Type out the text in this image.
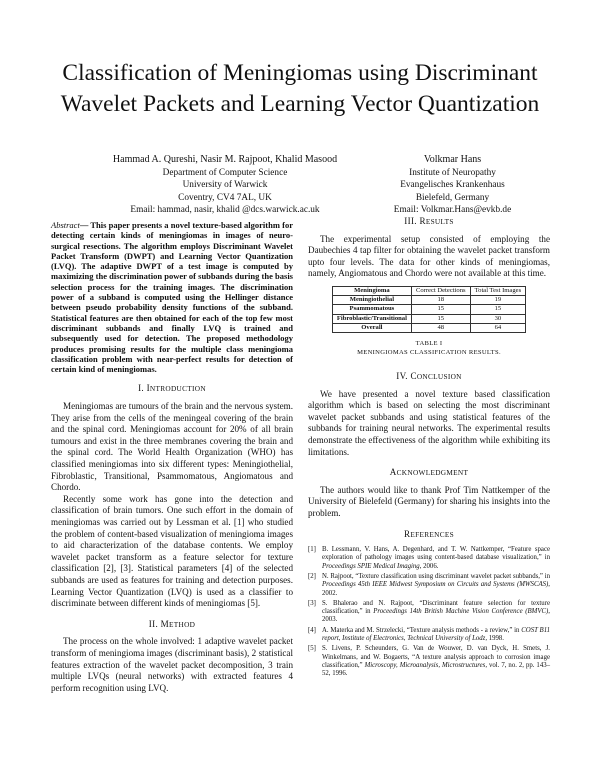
Classification of Meningiomas using Discriminant
Wavelet Packets and Learning Vector Quantization
Hammad A. Qureshi, Nasir M. Rajpoot, Khalid Masood
Department of Computer Science
University of Warwick
Coventry, CV4 7AL, UK
Email: hammad, nasir, khalid @dcs.warwick.ac.uk
Volkmar Hans
Institute of Neuropathy
Evangelisches Krankenhaus
Bielefeld, Germany
Email: Volkmar.Hans@evkb.de
Abstract— This paper presents a novel texture-based algorithm for detecting certain kinds of meningiomas in images of neuro-surgical resections. The algorithm employs Discriminant Wavelet Packet Transform (DWPT) and Learning Vector Quantization (LVQ). The adaptive DWPT of a test image is computed by maximizing the discrimination power of subbands during the basis selection process for the training images. The discrimination power of a subband is computed using the Hellinger distance between pseudo probability density functions of the subband. Statistical features are then obtained for each of the top few most discriminant subbands and finally LVQ is trained and subsequently used for detection. The proposed methodology produces promising results for the multiple class meningioma classification problem with near-perfect results for detection of certain kind of meningiomas.
I. INTRODUCTION

Meningiomas are tumours of the brain and the nervous system. They arise from the cells of the meningeal covering of the brain and the spinal cord. Meningiomas account for 20% of all brain tumours and exist in the three membranes covering the brain and the spinal cord. The World Health Organization (WHO) has classified meningiomas into six different types: Meningiothelial, Fibroblastic, Transitional, Psammomatous, Angiomatous and Chordo.

Recently some work has gone into the detection and classification of brain tumors. One such effort in the domain of meningiomas was carried out by Lessman et al. [1] who studied the problem of content-based visualization of meningioma images to aid characterization of the database contents. We employ wavelet packet transform as a feature selector for texture classification [2], [3]. Statistical parameters [4] of the selected subbands are used as features for training and detection purposes. Learning Vector Quantization (LVQ) is used as a classifier to discriminate between different kinds of meningiomas [5].

II. METHOD

The process on the whole involved: 1 adaptive wavelet packet transform of meningioma images (discriminant basis), 2 statistical features extraction of the wavelet packet decomposition, 3 train multiple LVQs (neural networks) with extracted features 4 perform recognition using LVQ.

III. RESULTS

The experimental setup consisted of employing the Daubechies 4 tap filter for obtaining the wavelet packet transform upto four levels. The data for other kinds of meningiomas, namely, Angiomatous and Chordo were not available at this time.

Meningioma	Correct Detections	Total Test Images
Meningiothelial	18	19
Psammomatous	15	15
Fibroblastic/Transitional	15	30
Overall	48	64
TABLE I
MENINGIOMAS CLASSIFICATION RESULTS.
IV. CONCLUSION

We have presented a novel texture based classification algorithm which is based on selecting the most discriminant wavelet packet subbands and using statistical features of the subbands for training neural networks. The experimental results demonstrate the effectiveness of the algorithm while exhibiting its limitations.

ACKNOWLEDGMENT

The authors would like to thank Prof Tim Nattkemper of the University of Bielefeld (Germany) for sharing his insights into the problem.

REFERENCES
[1] B. Lessmann, V. Hans, A. Degenhard, and T. W. Nattkemper, “Feature space exploration of pathology images using content-based database visualization,” in Proceedings SPIE Medical Imaging, 2006.
[2] N. Rajpoot, “Texture classification using discriminant wavelet packet subbands,” in Proceedings 45th IEEE Midwest Symposium on Circuits and Systems (MWSCAS), 2002.
[3] S. Bhalerao and N. Rajpoot, “Discriminant feature selection for texture classification,” in Proceedings 14th British Machine Vision Conference (BMVC), 2003.
[4] A. Materka and M. Strzelecki, “Texture analysis methods - a review,” in COST B11 report, Institute of Electronics, Technical University of Lodz, 1998.
[5] S. Livens, P. Scheunders, G. Van de Wouwer, D. van Dyck, H. Smets, J. Winkelmans, and W. Bogaerts, “A texture analysis approach to corrosion image classification,” Microscopy, Microanalysis, Microstructures, vol. 7, no. 2, pp. 143–52, 1996.
